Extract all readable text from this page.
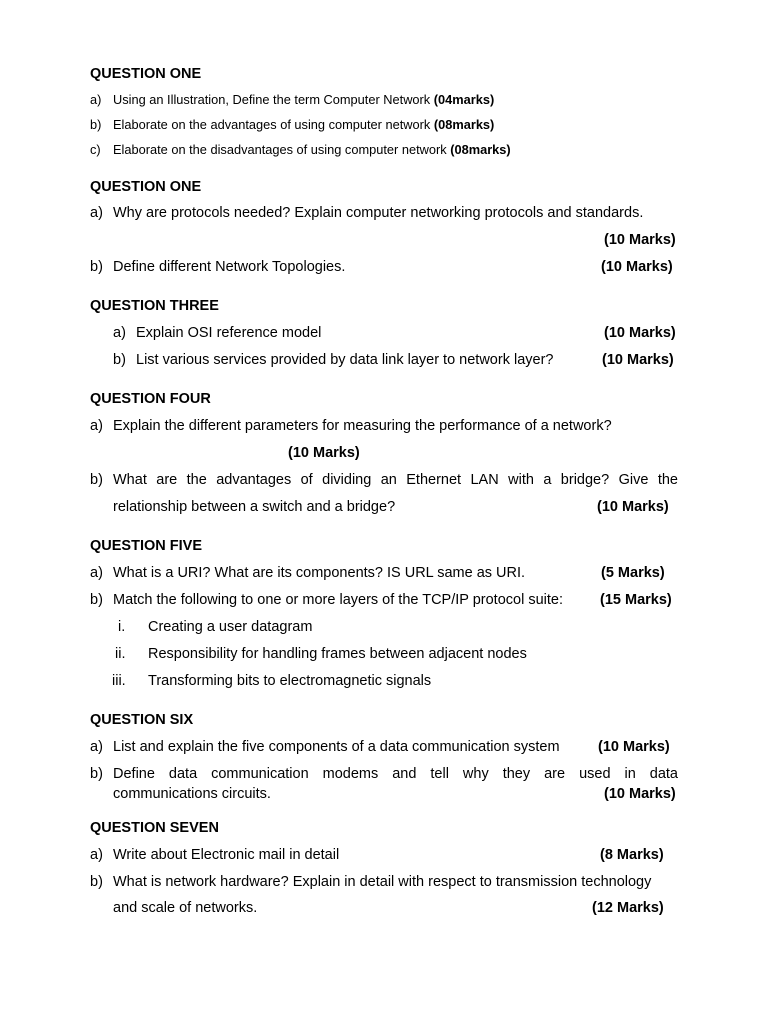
QUESTION ONE
a) Using an Illustration, Define the term Computer Network (04marks)
b) Elaborate on the advantages of using computer network (08marks)
c) Elaborate on the disadvantages of using computer network (08marks)
QUESTION ONE
a) Why are protocols needed? Explain computer networking protocols and standards.
(10 Marks)
b) Define different Network Topologies.	(10 Marks)
QUESTION THREE
a) Explain OSI reference model	(10 Marks)
b) List various services provided by data link layer to network layer?	(10 Marks)
QUESTION FOUR
a) Explain the different parameters for measuring the performance of a network?
(10 Marks)
b) What are the advantages of dividing an Ethernet LAN with a bridge? Give the
relationship between a switch and a bridge?	(10 Marks)
QUESTION FIVE
a) What is a URI? What are its components? IS URL same as URI.	(5 Marks)
b) Match the following to one or more layers of the TCP/IP protocol suite:	(15 Marks)
i. Creating a user datagram
ii. Responsibility for handling frames between adjacent nodes
iii. Transforming bits to electromagnetic signals
QUESTION SIX
a) List and explain the five components of a data communication system	(10 Marks)
b) Define data communication modems and tell why they are used in data
communications circuits.	(10 Marks)
QUESTION SEVEN
a) Write about Electronic mail in detail	(8 Marks)
b) What is network hardware? Explain in detail with respect to transmission technology
and scale of networks.	(12 Marks)
